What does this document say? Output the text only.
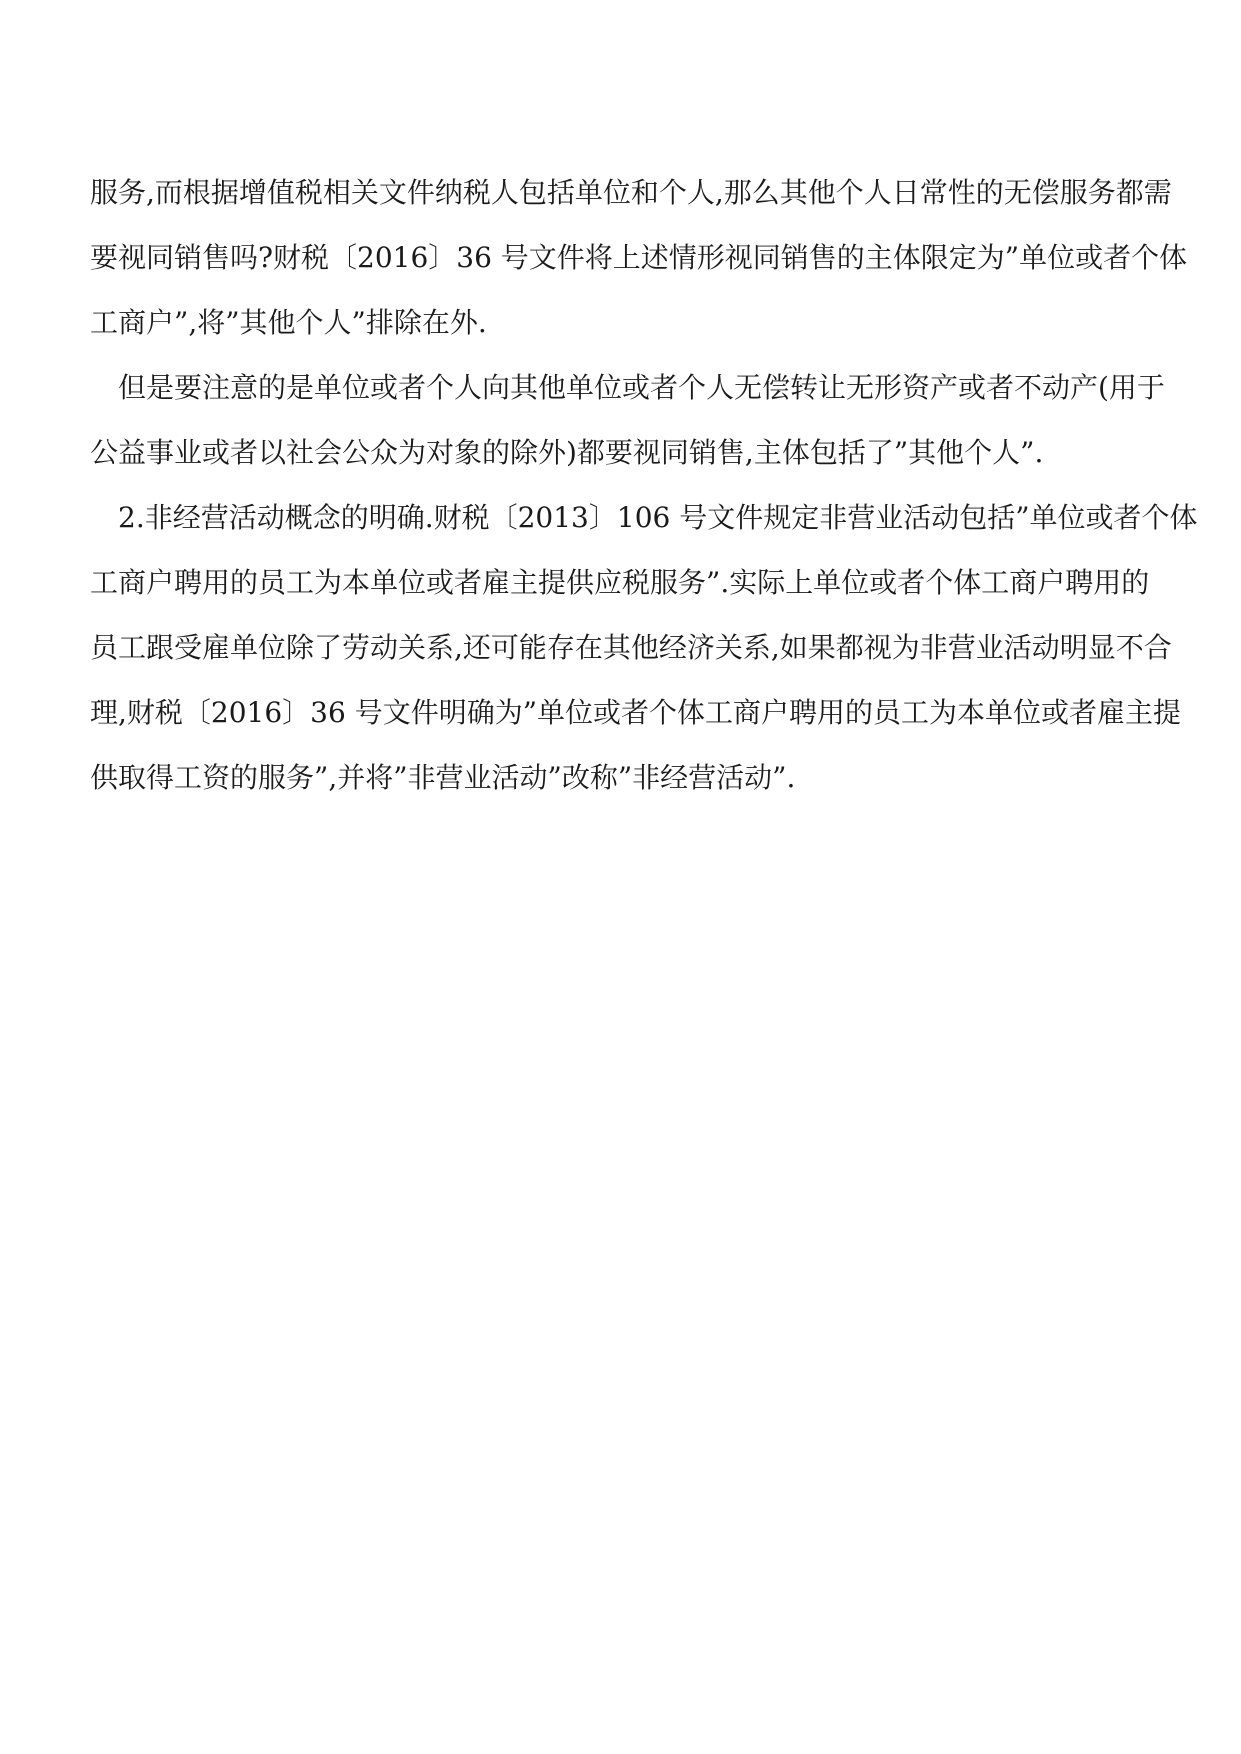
服务,而根据增值税相关文件纳税人包括单位和个人,那么其他个人日常性的无偿服务都需
要视同销售吗?财税〔2016〕36 号文件将上述情形视同销售的主体限定为”单位或者个体
工商户”,将”其他个人”排除在外.
但是要注意的是单位或者个人向其他单位或者个人无偿转让无形资产或者不动产(用于
公益事业或者以社会公众为对象的除外)都要视同销售,主体包括了”其他个人”.
2.非经营活动概念的明确.财税〔2013〕106 号文件规定非营业活动包括”单位或者个体
工商户聘用的员工为本单位或者雇主提供应税服务”.实际上单位或者个体工商户聘用的
员工跟受雇单位除了劳动关系,还可能存在其他经济关系,如果都视为非营业活动明显不合
理,财税〔2016〕36 号文件明确为”单位或者个体工商户聘用的员工为本单位或者雇主提
供取得工资的服务”,并将”非营业活动”改称”非经营活动”.
